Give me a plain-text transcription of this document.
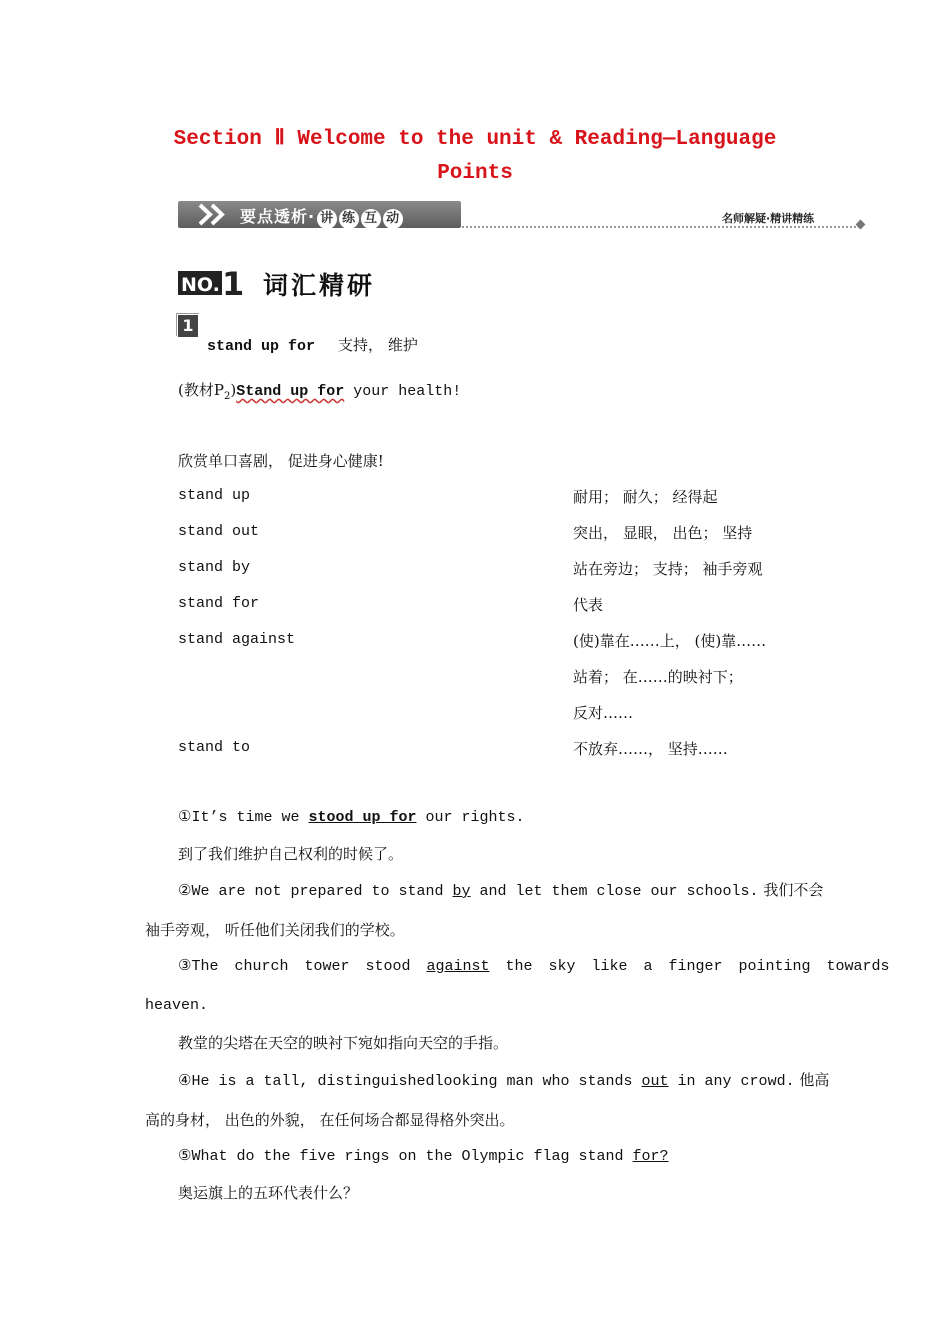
Section Ⅱ Welcome to the unit & Reading—Language
Points
要点透析· 讲 练 互 动	名师解疑·精讲精练
NO. 1 词汇精研
1
stand up for 支持， 维护
(教材$P_2)Stand$ up for your health!
欣赏单口喜剧， 促进身心健康!
stand up	耐用； 耐久； 经得起
stand out	突出， 显眼， 出色； 坚持
stand by	站在旁边； 支持； 袖手旁观
stand for	代表
stand against	(使)靠在……上， (使)靠……
站着； 在……的映衬下；
反对……
stand to	不放弃……， 坚持……
①It’s time we stood up for our rights.
到了我们维护自己权利的时候了。
②We are not prepared to stand by and let them close our schools. 我们不会
袖手旁观， 听任他们关闭我们的学校。
③The church tower stood against the sky like a finger pointing towards
heaven.
教堂的尖塔在天空的映衬下宛如指向天空的手指。
④He is a tall, distinguishedlooking man who stands out in any crowd. 他高
高的身材， 出色的外貌， 在任何场合都显得格外突出。
⑤What do the five rings on the Olympic flag stand for?
奥运旗上的五环代表什么？
